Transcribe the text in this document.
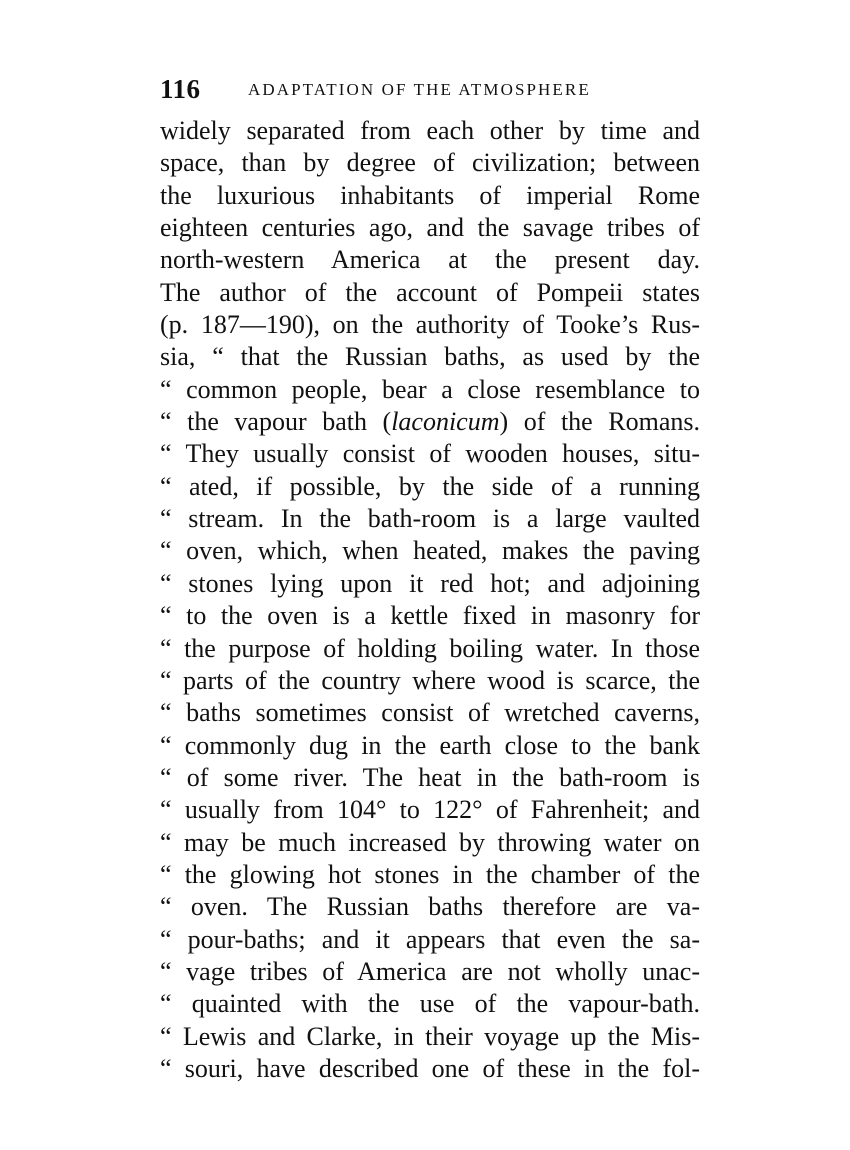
116	ADAPTATION OF THE ATMOSPHERE
widely separated from each other by time and
space, than by degree of civilization; between
the luxurious inhabitants of imperial Rome
eighteen centuries ago, and the savage tribes of
north-western America at the present day.
The author of the account of Pompeii states
(p. 187—190), on the authority of Tooke’s Rus-
sia, “ that the Russian baths, as used by the
“ common people, bear a close resemblance to
“ the vapour bath (laconicum) of the Romans.
“ They usually consist of wooden houses, situ-
“ ated, if possible, by the side of a running
“ stream. In the bath-room is a large vaulted
“ oven, which, when heated, makes the paving
“ stones lying upon it red hot; and adjoining
“ to the oven is a kettle fixed in masonry for
“ the purpose of holding boiling water. In those
“ parts of the country where wood is scarce, the
“ baths sometimes consist of wretched caverns,
“ commonly dug in the earth close to the bank
“ of some river. The heat in the bath-room is
“ usually from 104° to 122° of Fahrenheit; and
“ may be much increased by throwing water on
“ the glowing hot stones in the chamber of the
“ oven. The Russian baths therefore are va-
“ pour-baths; and it appears that even the sa-
“ vage tribes of America are not wholly unac-
“ quainted with the use of the vapour-bath.
“ Lewis and Clarke, in their voyage up the Mis-
“ souri, have described one of these in the fol-
